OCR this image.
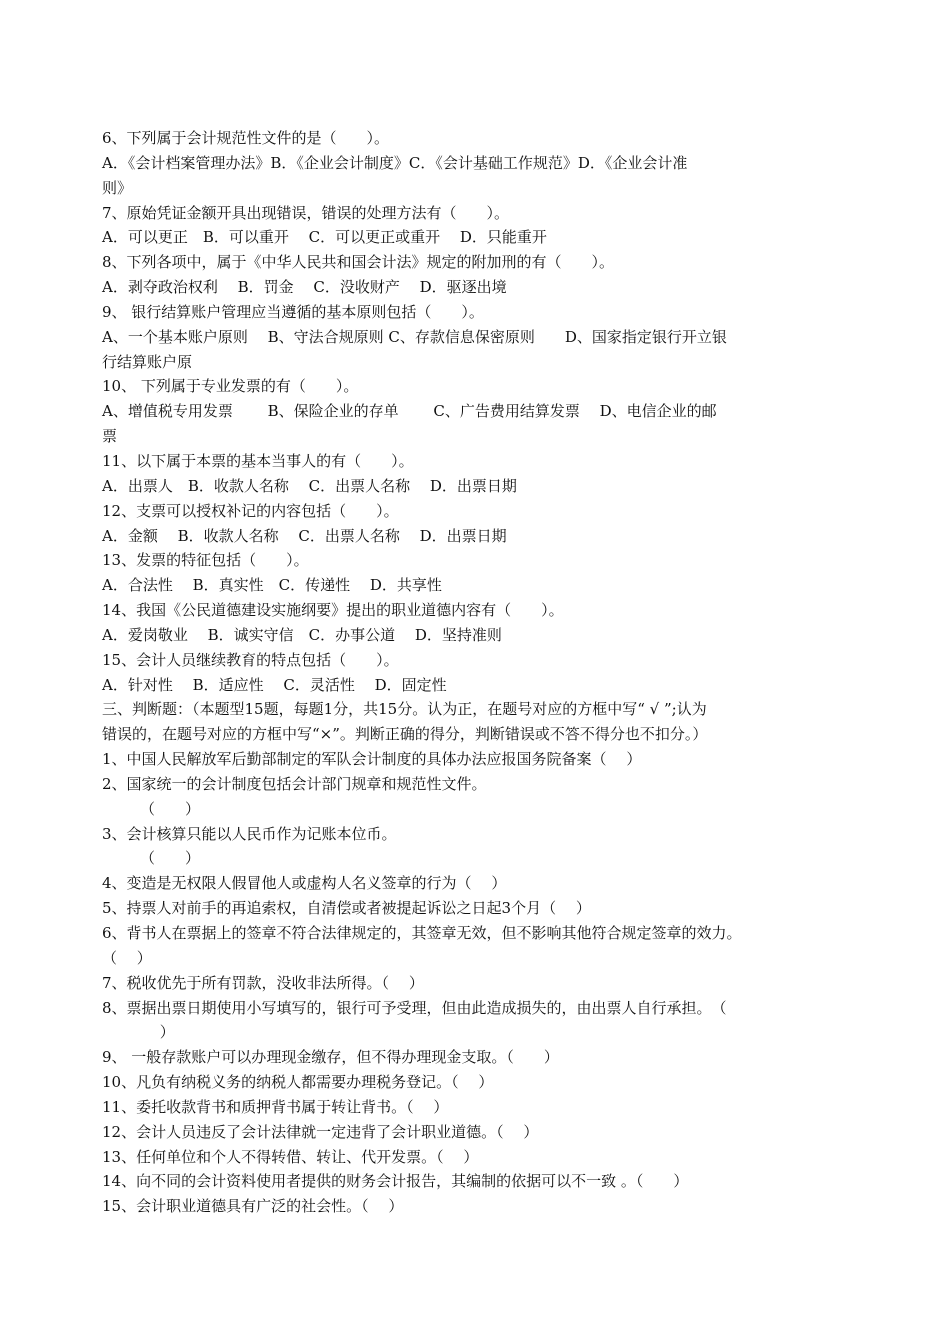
6、下列属于会计规范性文件的是（　　）。
A．《会计档案管理办法》B．《企业会计制度》C．《会计基础工作规范》D．《企业会计准
则》
7、原始凭证金额开具出现错误，错误的处理方法有（　　）。
A．可以更正　B．可以重开　 C．可以更正或重开　 D．只能重开
8、下列各项中，属于《中华人民共和国会计法》规定的附加刑的有（　　）。
A．剥夺政治权利　 B．罚金　 C．没收财产　 D．驱逐出境
9、 银行结算账户管理应当遵循的基本原则包括（　　）。
A、一个基本账户原则　 B、守法合规原则 C、存款信息保密原则　　D、国家指定银行开立银
行结算账户原
10、 下列属于专业发票的有（　　）。
A、增值税专用发票　　 B、保险企业的存单　　 C、广告费用结算发票　 D、电信企业的邮
票
11、以下属于本票的基本当事人的有（　　）。
A．出票人　B．收款人名称　 C．出票人名称　 D．出票日期
12、支票可以授权补记的内容包括（　　）。
A．金额　 B．收款人名称　 C．出票人名称　 D．出票日期
13、发票的特征包括（　　）。
A．合法性　 B．真实性　C．传递性　 D．共享性
14、我国《公民道德建设实施纲要》提出的职业道德内容有（　　）。
A．爱岗敬业　 B．诚实守信　C．办事公道　 D．坚持准则
15、会计人员继续教育的特点包括（　　）。
A．针对性　 B．适应性　 C．灵活性　 D．固定性
三、判断题：（本题型15题，每题1分，共15分。认为正，在题号对应的方框中写“ √ ”;认为
错误的，在题号对应的方框中写“×”。判断正确的得分，判断错误或不答不得分也不扣分。）
1、中国人民解放军后勤部制定的军队会计制度的具体办法应报国务院备案（　 ）
2、国家统一的会计制度包括会计部门规章和规范性文件。
（　　）
3、会计核算只能以人民币作为记账本位币。
（　　）
4、变造是无权限人假冒他人或虚构人名义签章的行为（　 ）
5、持票人对前手的再追索权，自清偿或者被提起诉讼之日起3个月（　 ）
6、背书人在票据上的签章不符合法律规定的，其签章无效，但不影响其他符合规定签章的效力。
（　 ）
7、税收优先于所有罚款，没收非法所得。（　 ）
8、票据出票日期使用小写填写的，银行可予受理，但由此造成损失的，由出票人自行承担。　（
　 ）
9、 一般存款账户可以办理现金缴存，但不得办理现金支取。（　　）
10、凡负有纳税义务的纳税人都需要办理税务登记。（　 ）
11、委托收款背书和质押背书属于转让背书。（　 ）
12、会计人员违反了会计法律就一定违背了会计职业道德。（　 ）
13、任何单位和个人不得转借、转让、代开发票。（　 ）
14、向不同的会计资料使用者提供的财务会计报告，其编制的依据可以不一致 。（　　）
15、会计职业道德具有广泛的社会性。（　 ）
